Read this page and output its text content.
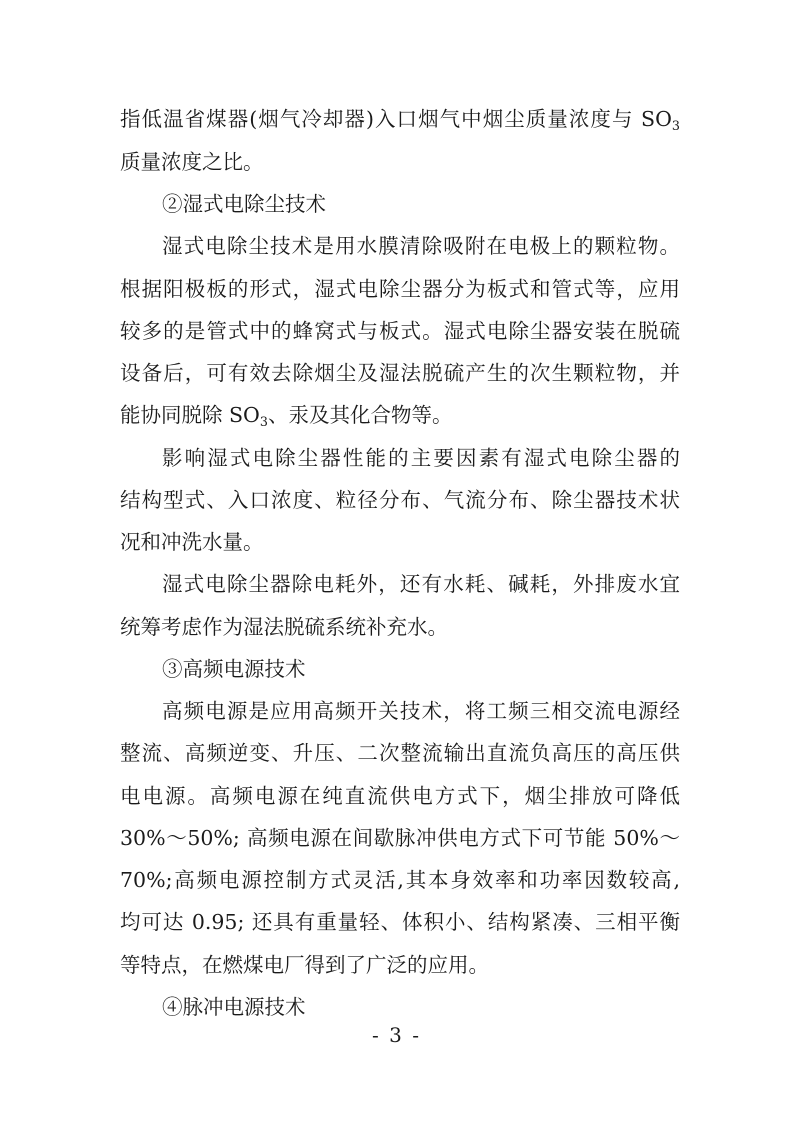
指低温省煤器(烟气冷却器)入口烟气中烟尘质量浓度与 $SO_3$
质量浓度之比。
②湿式电除尘技术
湿式电除尘技术是用水膜清除吸附在电极上的颗粒物。
根据阳极板的形式，湿式电除尘器分为板式和管式等，应用
较多的是管式中的蜂窝式与板式。湿式电除尘器安装在脱硫
设备后，可有效去除烟尘及湿法脱硫产生的次生颗粒物，并
能协同脱除 $SO_3$、汞及其化合物等。
影响湿式电除尘器性能的主要因素有湿式电除尘器的
结构型式、入口浓度、粒径分布、气流分布、除尘器技术状
况和冲洗水量。
湿式电除尘器除电耗外，还有水耗、碱耗，外排废水宜
统筹考虑作为湿法脱硫系统补充水。
③高频电源技术
高频电源是应用高频开关技术，将工频三相交流电源经
整流、高频逆变、升压、二次整流输出直流负高压的高压供
电电源。高频电源在纯直流供电方式下，烟尘排放可降低
30%～50%; 高频电源在间歇脉冲供电方式下可节能 50%～
70%;高频电源控制方式灵活,其本身效率和功率因数较高,
均可达 0.95; 还具有重量轻、体积小、结构紧凑、三相平衡
等特点，在燃煤电厂得到了广泛的应用。
④脉冲电源技术
- 3 -
